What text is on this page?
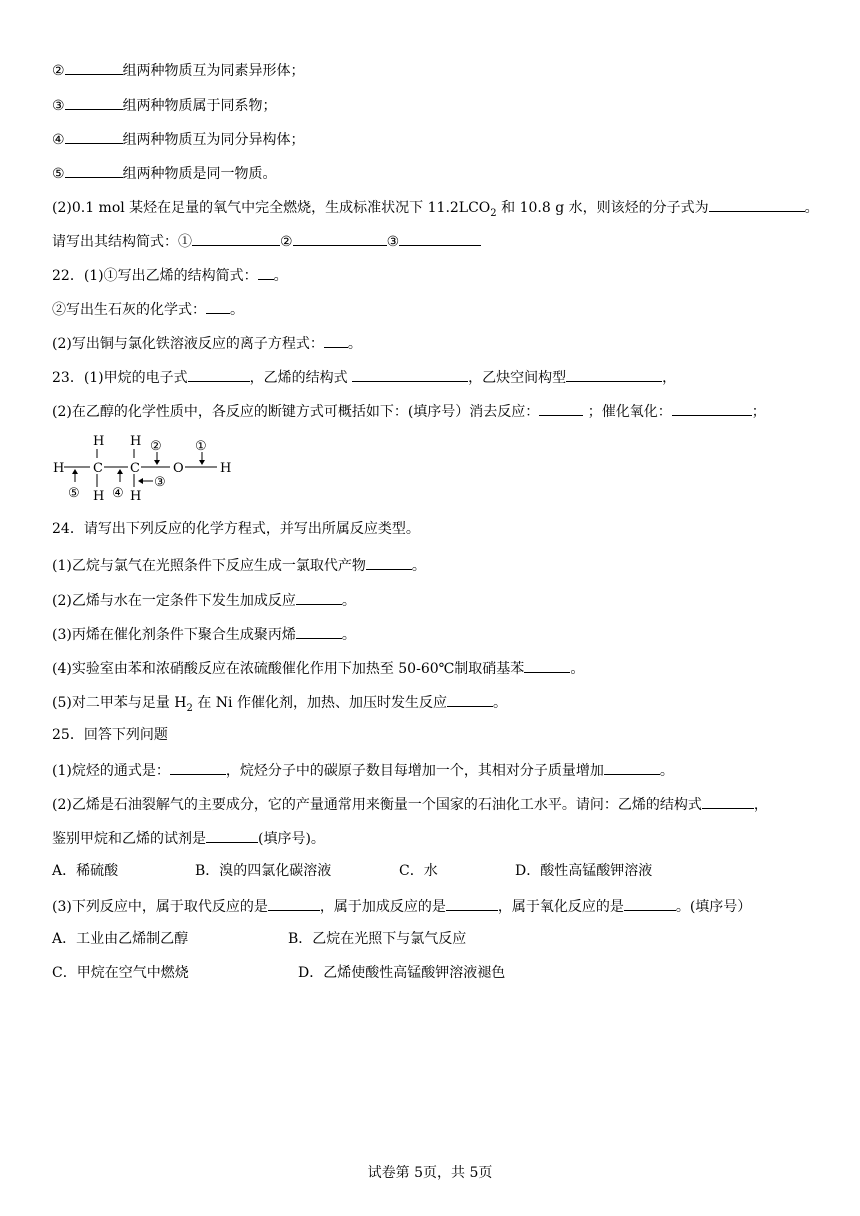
②	组两种物质互为同素异形体；
③	组两种物质属于同系物；
④	组两种物质互为同分异构体；
⑤	组两种物质是同一物质。
(2)0.1 mol 某烃在足量的氧气中完全燃烧，生成标准状况下 $11.2LCO_2$ 和 10.8 g 水，则该烃的分子式为	。
请写出其结构简式：①	②	③
22．(1)①写出乙烯的结构简式： 。
②写出生石灰的化学式： 。
(2)写出铜与氯化铁溶液反应的离子方程式： 。
23．(1)甲烷的电子式	，乙烯的结构式	，乙炔空间构型	，
(2)在乙醇的化学性质中，各反应的断键方式可概括如下：(填序号）消去反应：	；催化氧化：	；
H C
H
H
C
H
H
O	H
⑤ ④
②	①
③
24．请写出下列反应的化学方程式，并写出所属反应类型。
(1)乙烷与氯气在光照条件下反应生成一氯取代产物	。
(2)乙烯与水在一定条件下发生加成反应	。
(3)丙烯在催化剂条件下聚合生成聚丙烯	。
(4)实验室由苯和浓硝酸反应在浓硫酸催化作用下加热至 50-60℃制取硝基苯	。
(5)对二甲苯与足量 $H_2$ 在 Ni 作催化剂，加热、加压时发生反应	。
25．回答下列问题
(1)烷烃的通式是：	，烷烃分子中的碳原子数目每增加一个，其相对分子质量增加	。
(2)乙烯是石油裂解气的主要成分，它的产量通常用来衡量一个国家的石油化工水平。请问：乙烯的结构式	，
鉴别甲烷和乙烯的试剂是	(填序号)。
A．稀硫酸	B．溴的四氯化碳溶液	C．水	D．酸性高锰酸钾溶液
(3)下列反应中，属于取代反应的是	，属于加成反应的是	，属于氧化反应的是	。(填序号）
A．工业由乙烯制乙醇	B．乙烷在光照下与氯气反应
C．甲烷在空气中燃烧	D．乙烯使酸性高锰酸钾溶液褪色
试卷第 5页，共 5页
